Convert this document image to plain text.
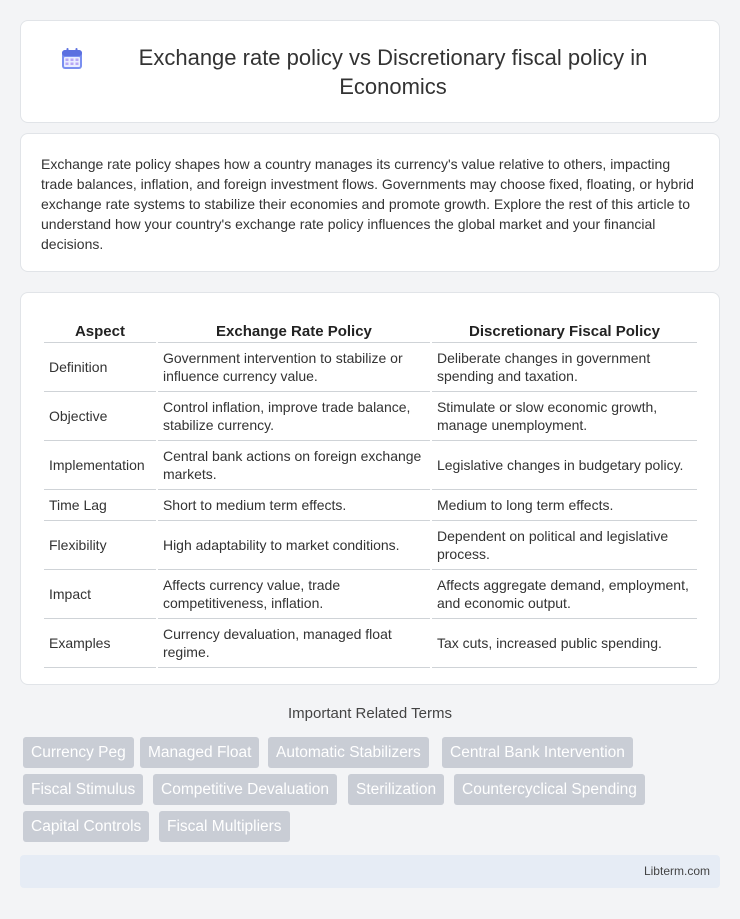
Exchange rate policy vs Discretionary fiscal policy in Economics

Exchange rate policy shapes how a country manages its currency's value relative to others, impacting trade balances, inflation, and foreign investment flows. Governments may choose fixed, floating, or hybrid exchange rate systems to stabilize their economies and promote growth. Explore the rest of this article to understand how your country's exchange rate policy influences the global market and your financial decisions.

Aspect	Exchange Rate Policy	Discretionary Fiscal Policy
Definition	Government intervention to stabilize or influence currency value.	Deliberate changes in government spending and taxation.
Objective	Control inflation, improve trade balance, stabilize currency.	Stimulate or slow economic growth, manage unemployment.
Implementation	Central bank actions on foreign exchange markets.	Legislative changes in budgetary policy.
Time Lag	Short to medium term effects.	Medium to long term effects.
Flexibility	High adaptability to market conditions.	Dependent on political and legislative process.
Impact	Affects currency value, trade competitiveness, inflation.	Affects aggregate demand, employment, and economic output.
Examples	Currency devaluation, managed float regime.	Tax cuts, increased public spending.
Important Related Terms
Currency Peg	Managed Float	Automatic Stabilizers	Central Bank Intervention
Fiscal Stimulus	Competitive Devaluation	Sterilization	Countercyclical Spending
Capital Controls	Fiscal Multipliers
Libterm.com
